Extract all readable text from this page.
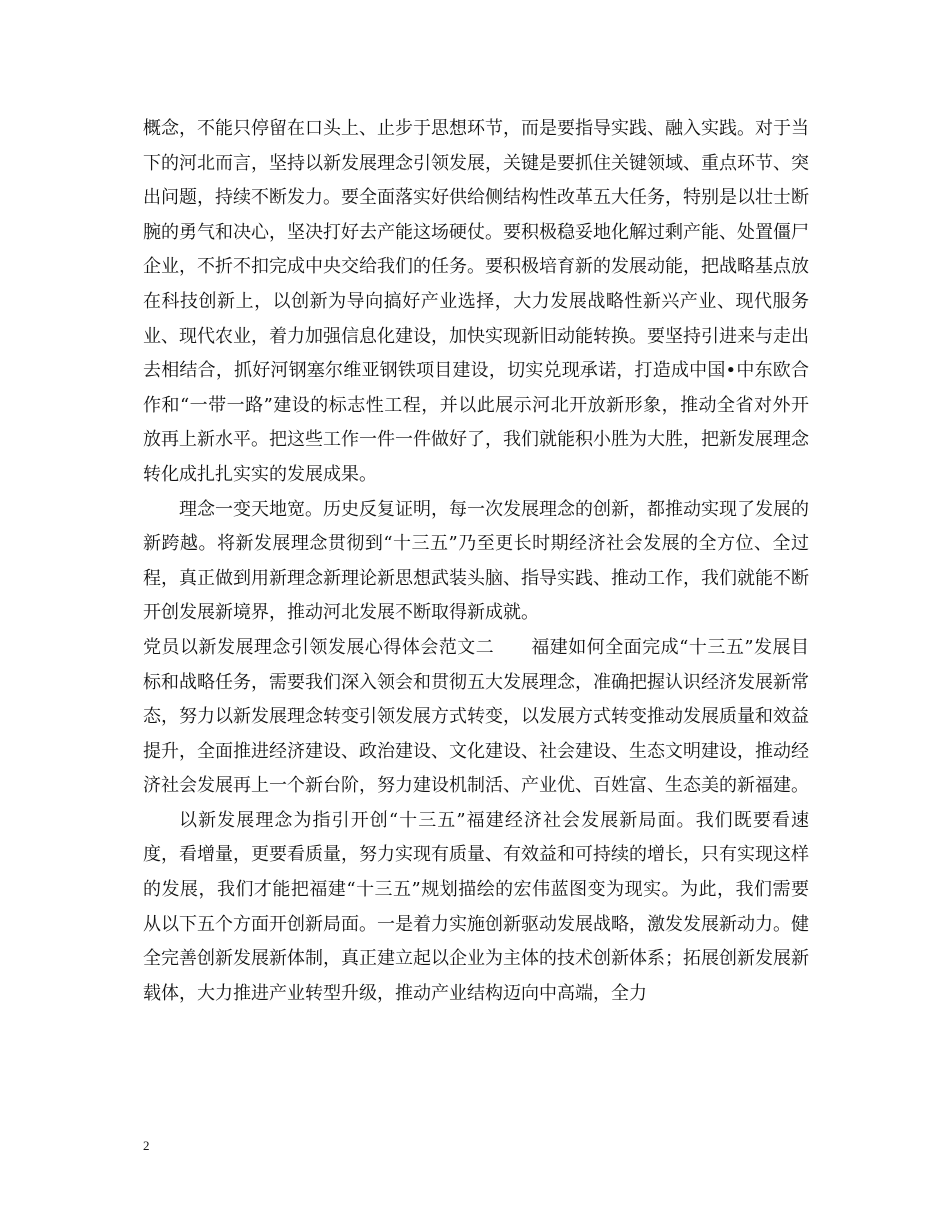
概念，不能只停留在口头上、止步于思想环节，而是要指导实践、融入实践。对于当下的河北而言，坚持以新发展理念引领发展，关键是要抓住关键领域、重点环节、突出问题，持续不断发力。要全面落实好供给侧结构性改革五大任务，特别是以壮士断腕的勇气和决心，坚决打好去产能这场硬仗。要积极稳妥地化解过剩产能、处置僵尸企业，不折不扣完成中央交给我们的任务。要积极培育新的发展动能，把战略基点放在科技创新上，以创新为导向搞好产业选择，大力发展战略性新兴产业、现代服务业、现代农业，着力加强信息化建设，加快实现新旧动能转换。要坚持引进来与走出去相结合，抓好河钢塞尔维亚钢铁项目建设，切实兑现承诺，打造成中国•中东欧合作和“一带一路”建设的标志性工程，并以此展示河北开放新形象，推动全省对外开放再上新水平。把这些工作一件一件做好了，我们就能积小胜为大胜，把新发展理念转化成扎扎实实的发展成果。

理念一变天地宽。历史反复证明，每一次发展理念的创新，都推动实现了发展的新跨越。将新发展理念贯彻到“十三五”乃至更长时期经济社会发展的全方位、全过程，真正做到用新理念新理论新思想武装头脑、指导实践、推动工作，我们就能不断开创发展新境界，推动河北发展不断取得新成就。

党员以新发展理念引领发展心得体会范文二　　福建如何全面完成“十三五”发展目标和战略任务，需要我们深入领会和贯彻五大发展理念，准确把握认识经济发展新常态，努力以新发展理念转变引领发展方式转变，以发展方式转变推动发展质量和效益提升，全面推进经济建设、政治建设、文化建设、社会建设、生态文明建设，推动经济社会发展再上一个新台阶，努力建设机制活、产业优、百姓富、生态美的新福建。

以新发展理念为指引开创“十三五”福建经济社会发展新局面。我们既要看速度，看增量，更要看质量，努力实现有质量、有效益和可持续的增长，只有实现这样的发展，我们才能把福建“十三五”规划描绘的宏伟蓝图变为现实。为此，我们需要从以下五个方面开创新局面。一是着力实施创新驱动发展战略，激发发展新动力。健全完善创新发展新体制，真正建立起以企业为主体的技术创新体系；拓展创新发展新载体，大力推进产业转型升级，推动产业结构迈向中高端，全力

2
